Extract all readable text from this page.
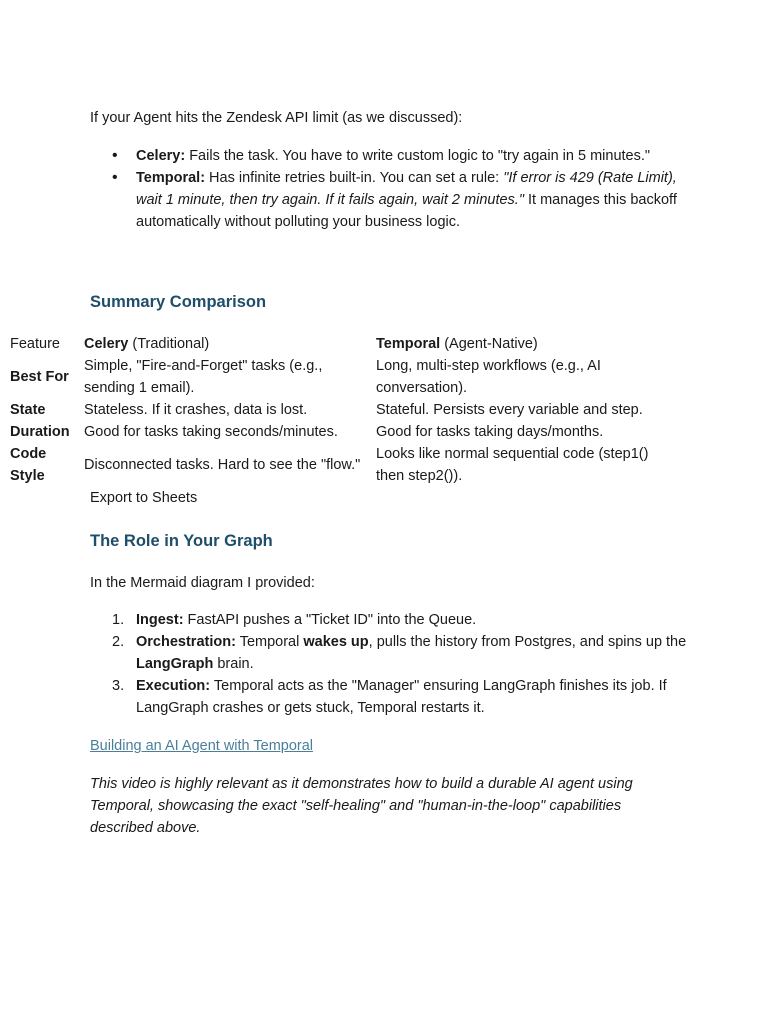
If your Agent hits the Zendesk API limit (as we discussed):

• Celery: Fails the task. You have to write custom logic to "try again in 5 minutes."
• Temporal: Has infinite retries built-in. You can set a rule: "If error is 429 (Rate Limit), wait 1 minute, then try again. If it fails again, wait 2 minutes." It manages this backoff automatically without polluting your business logic.
Summary Comparison
Feature	Celery (Traditional)	Temporal (Agent-Native)
Best For	Simple, "Fire-and-Forget" tasks (e.g., sending 1 email).	Long, multi-step workflows (e.g., AI conversation).
State	Stateless. If it crashes, data is lost.	Stateful. Persists every variable and step.
Duration	Good for tasks taking seconds/minutes.	Good for tasks taking days/months.
Code Style	Disconnected tasks. Hard to see the "flow."	Looks like normal sequential code (step1() then step2()).
Export to Sheets
The Role in Your Graph

In the Mermaid diagram I provided:

1. Ingest: FastAPI pushes a "Ticket ID" into the Queue.
2. Orchestration: Temporal wakes up, pulls the history from Postgres, and spins up the LangGraph brain.
3. Execution: Temporal acts as the "Manager" ensuring LangGraph finishes its job. If LangGraph crashes or gets stuck, Temporal restarts it.
Building an AI Agent with Temporal

This video is highly relevant as it demonstrates how to build a durable AI agent using Temporal, showcasing the exact "self-healing" and "human-in-the-loop" capabilities described above.
